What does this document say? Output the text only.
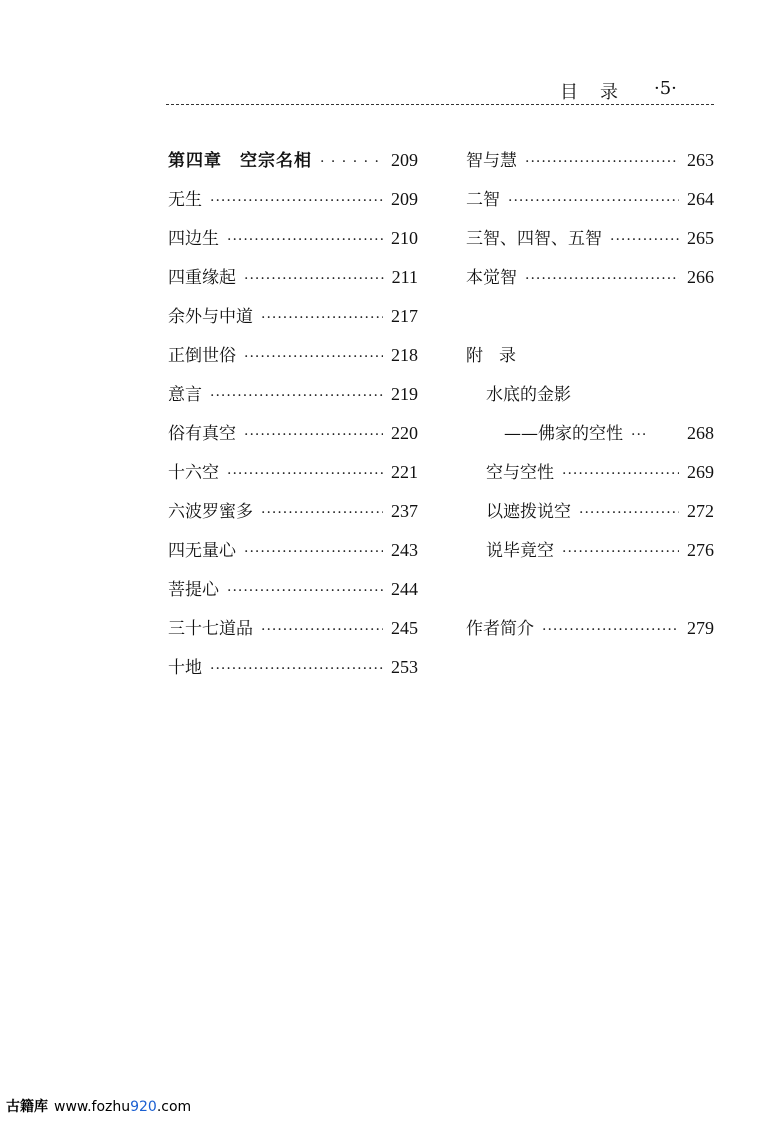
目录 ·5·
第四章　空宗名相 · · ·	209
无生 ·····	209
四边生 ·····	210
四重缘起 ·····	211
余外与中道 ·····	217
正倒世俗 ·····	218
意言 ·····	219
俗有真空 ·····	220
十六空 ·····	221
六波罗蜜多 ·····	237
四无量心 ·····	243
菩提心 ·····	244
三十七道品 ·····	245
十地 ·····	253
智与慧 ·····	263
二智 ·····	264
三智、四智、五智 ·····	265
本觉智 ·····	266
附录
水底的金影
——佛家的空性 ···	268
空与空性 ·····	269
以遮拨说空 ·····	272
说毕竟空 ·····	276
作者简介 ·····	279
古籍库 www.fozhu920.com
